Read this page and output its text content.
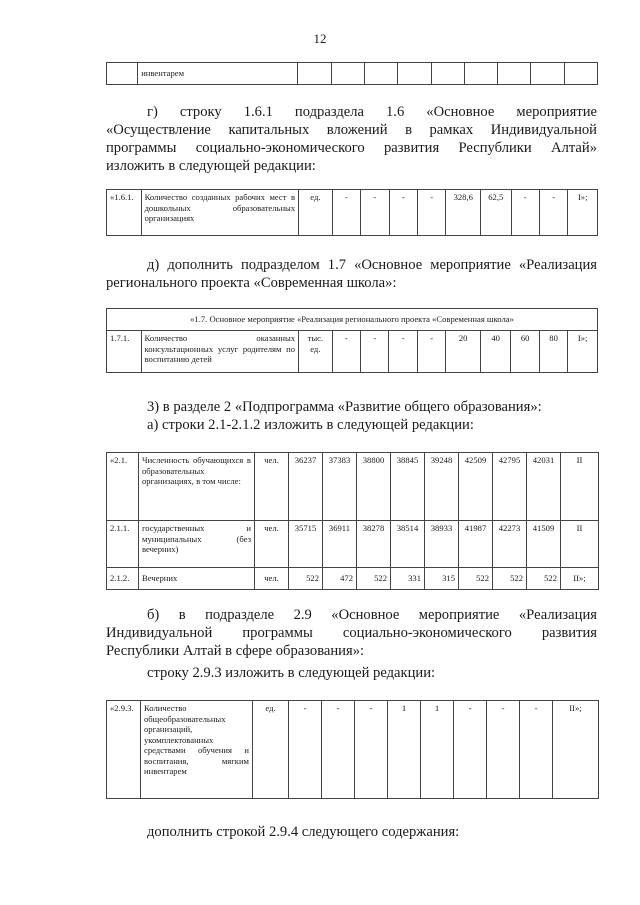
12
	инвентарем									
г) строку 1.6.1 подраздела 1.6 «Основное мероприятие
«Осуществление капитальных вложений в рамках Индивидуальной
программы социально-экономического развития Республики Алтай»
изложить в следующей редакции:
«1.6.1.	Количество созданных рабочих мест в дошкольных образовательных организациях	ед.	-	-	-	-	328,6	62,5	-	-	I»;
д) дополнить подразделом 1.7 «Основное мероприятие «Реализация
регионального проекта «Современная школа»:
«1.7. Основное мероприятие «Реализация регионального проекта «Современная школа»
1.7.1.	Количество оказанных консультационных услуг родителям по воспитанию детей	тыс. ед.	-	-	-	-	20	40	60	80	I»;
3) в разделе 2 «Подпрограмма «Развитие общего образования»:
а) строки 2.1-2.1.2 изложить в следующей редакции:
«2.1.	Численность обучающихся в образовательных организациях, в том числе:	чел.	36237	37383	38800	38845	39248	42509	42795	42031	II
2.1.1.	государственных и муниципальных (без вечерних)	чел.	35715	36911	38278	38514	38933	41987	42273	41509	II
2.1.2.	Вечерних	чел.	522	472	522	331	315	522	522	522	II»;
б) в подразделе 2.9 «Основное мероприятие «Реализация
Индивидуальной программы социально-экономического развития
Республики Алтай в сфере образования»:
строку 2.9.3 изложить в следующей редакции:
«2.9.3.	Количество общеобразовательных организаций, укомплектованных средствами обучения и воспитания, мягким инвентарем	ед.	-	-	-	1	1	-	-	-	II»;
дополнить строкой 2.9.4 следующего содержания:
